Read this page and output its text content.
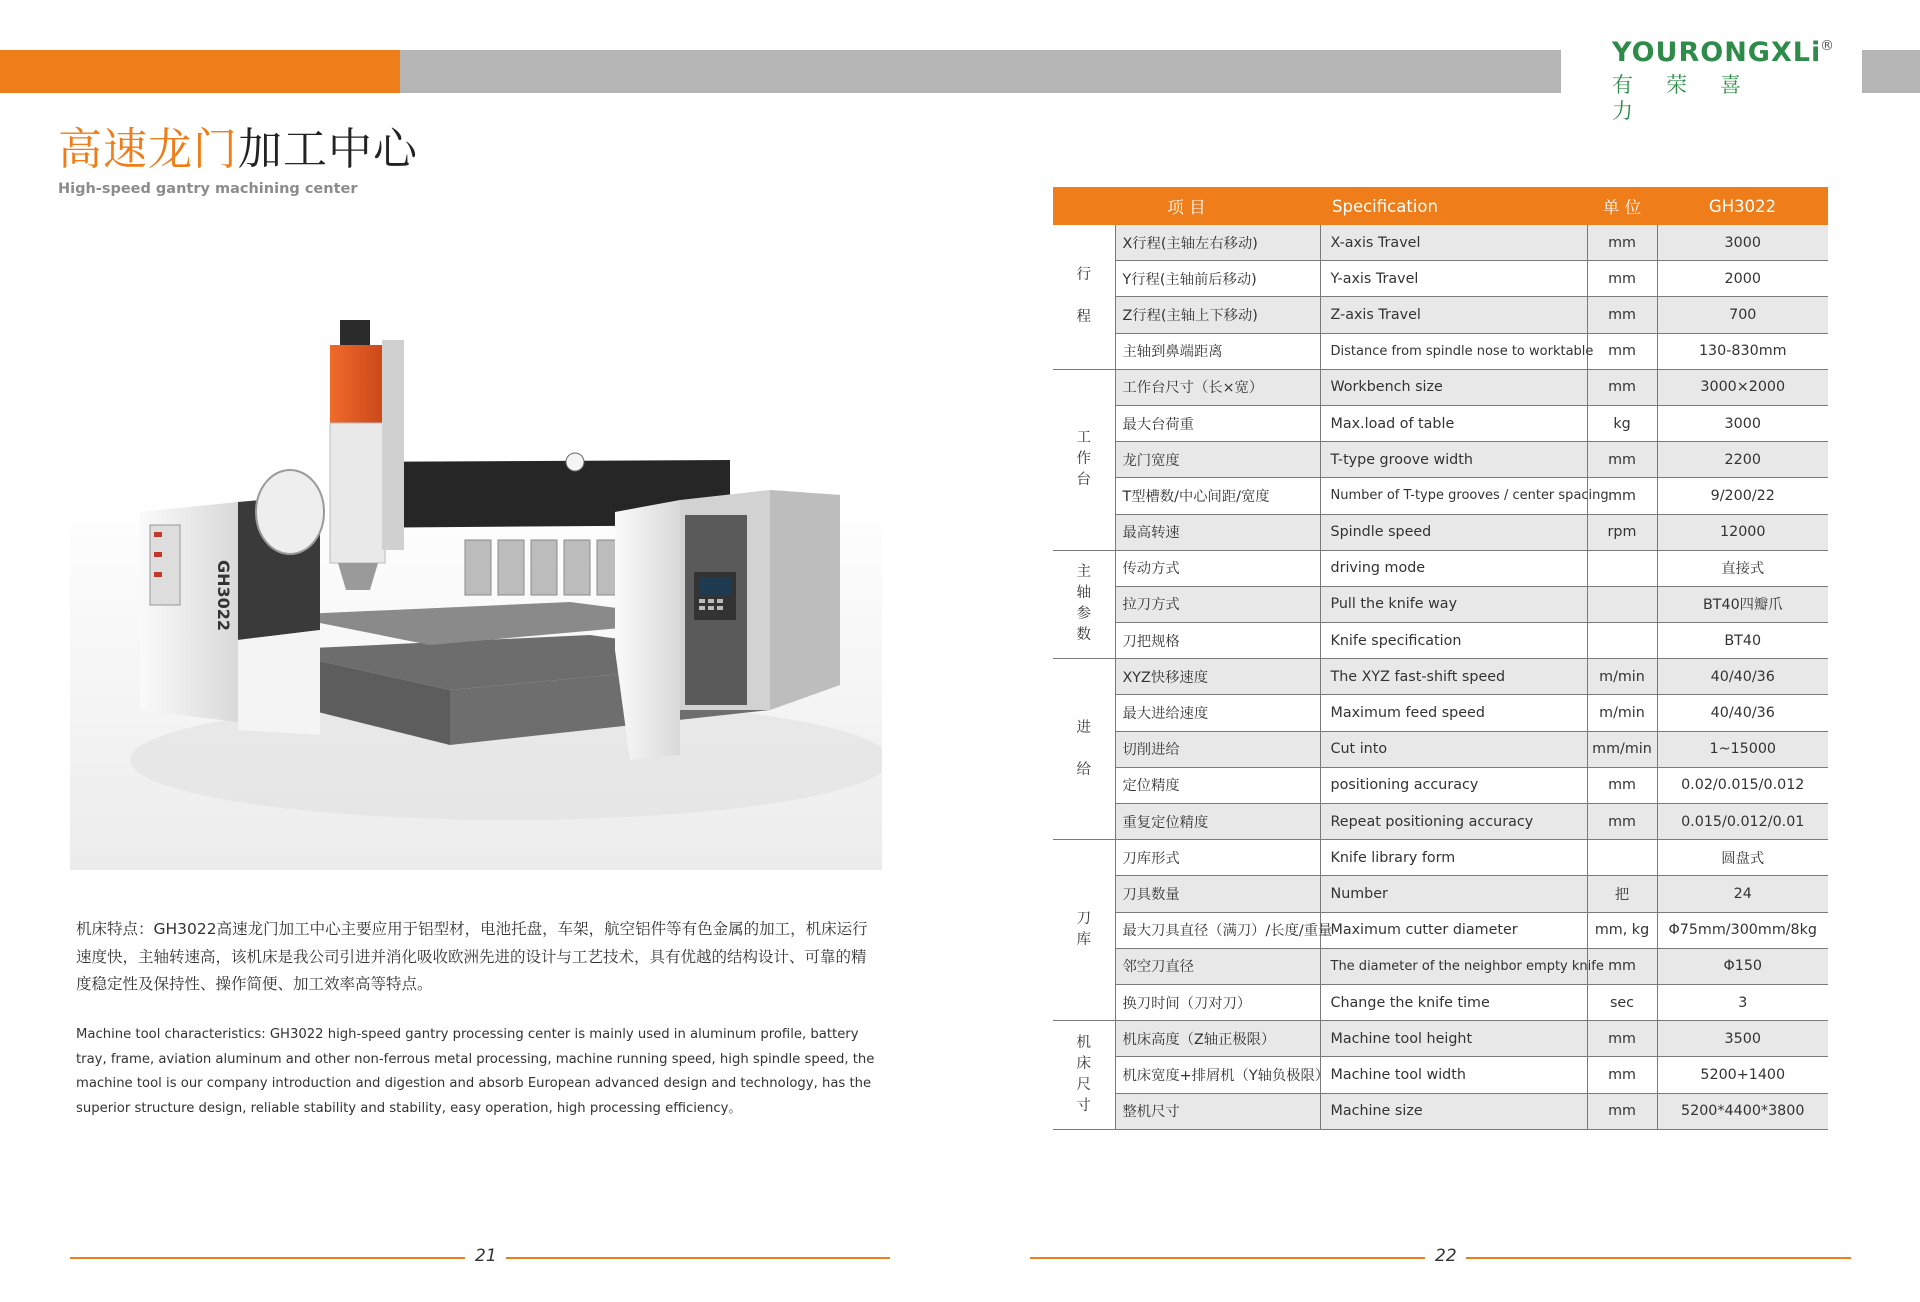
YOURONGXLi
®
有荣喜力
高速龙门加工中心
High-speed gantry machining center
GH3022
机床特点：GH3022高速龙门加工中心主要应用于铝型材，电池托盘，车架，航空铝件等有色金属的加工，机床运行速度快，主轴转速高，该机床是我公司引进并消化吸收欧洲先进的设计与工艺技术，具有优越的结构设计、可靠的精度稳定性及保持性、操作简便、加工效率高等特点。
Machine tool characteristics: GH3022 high-speed gantry processing center is mainly used in aluminum profile, battery tray, frame, aviation aluminum and other non-ferrous metal processing, machine running speed, high spindle speed, the machine tool is our company introduction and digestion and absorb European advanced design and technology, has the superior structure design, reliable stability and stability, easy operation, high processing efficiency。
项 目		Specification	单 位	GH3022
行

程	X行程(主轴左右移动)	X-axis Travel	mm	3000
	Y行程(主轴前后移动)	Y-axis Travel	mm	2000
	Z行程(主轴上下移动)	Z-axis Travel	mm	700
	主轴到鼻端距离	Distance from spindle nose to worktable	mm	130-830mm
工
作
台	工作台尺寸（长×宽）	Workbench size	mm	3000×2000
	最大台荷重	Max.load of table	kg	3000
	龙门宽度	T-type groove width	mm	2200
	T型槽数/中心间距/宽度	Number of T-type grooves / center spacing	mm	9/200/22
	最高转速	Spindle speed	rpm	12000
主
轴
参
数	传动方式	driving mode		直接式
	拉刀方式	Pull the knife way		BT40四瓣爪
	刀把规格	Knife specification		BT40
进

给	XYZ快移速度	The XYZ fast-shift speed	m/min	40/40/36
	最大进给速度	Maximum feed speed	m/min	40/40/36
	切削进给	Cut into	mm/min	1~15000
	定位精度	positioning accuracy	mm	0.02/0.015/0.012
	重复定位精度	Repeat positioning accuracy	mm	0.015/0.012/0.01
刀
库	刀库形式	Knife library form		圆盘式
	刀具数量	Number	把	24
	最大刀具直径（满刀）/长度/重量	Maximum cutter diameter	mm, kg	Φ75mm/300mm/8kg
	邻空刀直径	The diameter of the neighbor empty knife	mm	Φ150
	换刀时间（刀对刀）	Change the knife time	sec	3
机
床
尺
寸	机床高度（Z轴正极限）	Machine tool height	mm	3500
	机床宽度+排屑机（Y轴负极限）	Machine tool width	mm	5200+1400
	整机尺寸	Machine size	mm	5200*4400*3800
21	22
